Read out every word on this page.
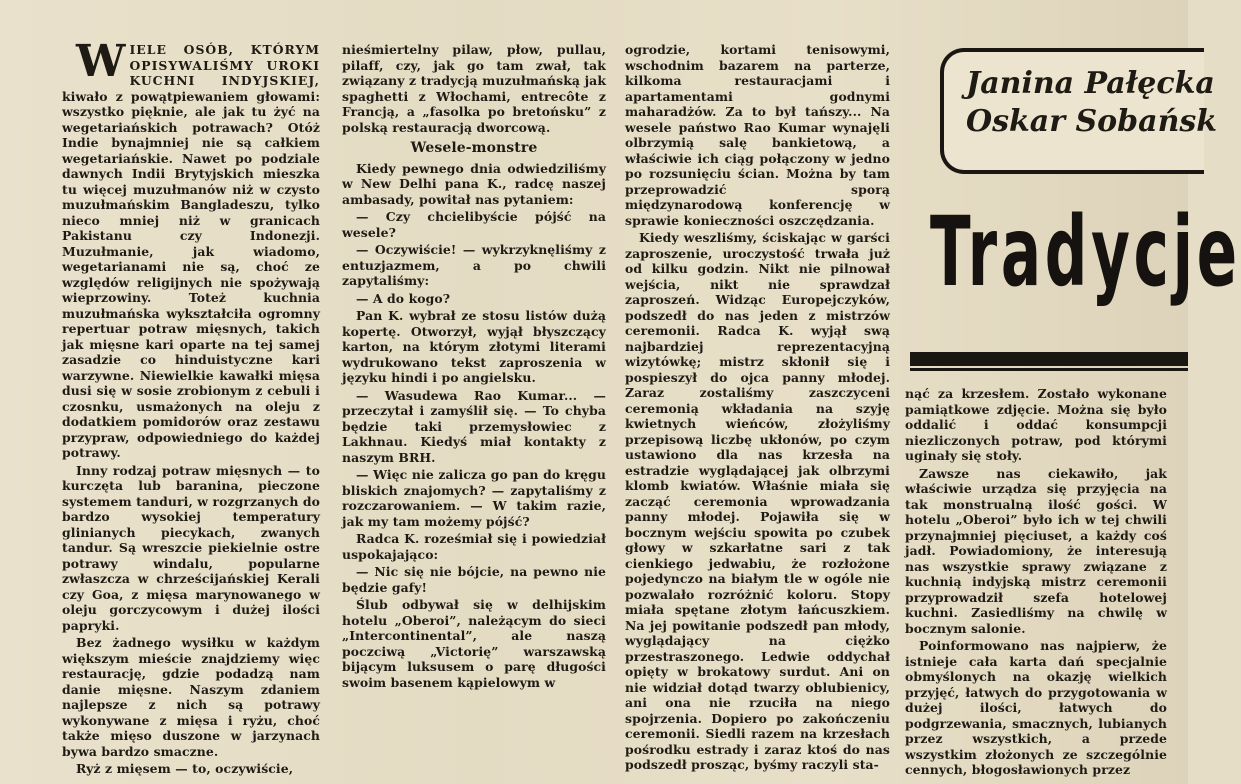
WIELE OSÓB, KTÓRYM OPISYWALIŚMY UROKI KUCHNI INDYJSKIEJ, kiwało z powątpiewaniem głowami: wszystko pięknie, ale jak tu żyć na wegetariańskich potrawach? Otóż Indie bynajmniej nie są całkiem wegetariańskie. Nawet po podziale dawnych Indii Brytyjskich mieszka tu więcej muzułmanów niż w czysto muzułmańskim Bangladeszu, tylko nieco mniej niż w granicach Pakistanu czy Indonezji. Muzułmanie, jak wiadomo, wegetarianami nie są, choć ze względów religijnych nie spożywają wieprzowiny. Toteż kuchnia muzułmańska wykształciła ogromny repertuar potraw mięsnych, takich jak mięsne kari oparte na tej samej zasadzie co hinduistyczne kari warzywne. Niewielkie kawałki mięsa dusi się w sosie zrobionym z cebuli i czosnku, usmażonych na oleju z dodatkiem pomidorów oraz zestawu przypraw, odpowiedniego do każdej potrawy.

Inny rodzaj potraw mięsnych — to kurczęta lub baranina, pieczone systemem tanduri, w rozgrzanych do bardzo wysokiej temperatury glinianych piecykach, zwanych tandur. Są wreszcie piekielnie ostre potrawy windalu, popularne zwłaszcza w chrześcijańskiej Kerali czy Goa, z mięsa marynowanego w oleju gorczycowym i dużej ilości papryki.

Bez żadnego wysiłku w każdym większym mieście znajdziemy więc restaurację, gdzie podadzą nam danie mięsne. Naszym zdaniem najlepsze z nich są potrawy wykonywane z mięsa i ryżu, choć także mięso duszone w jarzynach bywa bardzo smaczne.

Ryż z mięsem — to, oczywiście,

nieśmiertelny pilaw, płow, pullau, pilaff, czy, jak go tam zwał, tak związany z tradycją muzułmańską jak spaghetti z Włochami, entrecôte z Francją, a „fasolka po bretońsku” z polską restauracją dworcową.

Wesele-monstre

Kiedy pewnego dnia odwiedziliśmy w New Delhi pana K., radcę naszej ambasady, powitał nas pytaniem:

— Czy chcielibyście pójść na wesele?

— Oczywiście! — wykrzyknęliśmy z entuzjazmem, a po chwili zapytaliśmy:

— A do kogo?

Pan K. wybrał ze stosu listów dużą kopertę. Otworzył, wyjął błyszczący karton, na którym złotymi literami wydrukowano tekst zaproszenia w języku hindi i po angielsku.

— Wasudewa Rao Kumar... — przeczytał i zamyślił się. — To chyba będzie taki przemysłowiec z Lakhnau. Kiedyś miał kontakty z naszym BRH.

— Więc nie zalicza go pan do kręgu bliskich znajomych? — zapytaliśmy z rozczarowaniem. — W takim razie, jak my tam możemy pójść?

Radca K. roześmiał się i powiedział uspokajająco:

— Nic się nie bójcie, na pewno nie będzie gafy!

Ślub odbywał się w delhijskim hotelu „Oberoi”, należącym do sieci „Intercontinental”, ale naszą poczciwą „Victorię” warszawską bijącym luksusem o parę długości swoim basenem kąpielowym w

ogrodzie, kortami tenisowymi, wschodnim bazarem na parterze, kilkoma restauracjami i apartamentami godnymi maharadżów. Za to był tańszy... Na wesele państwo Rao Kumar wynajęli olbrzymią salę bankietową, a właściwie ich ciąg połączony w jedno po rozsunięciu ścian. Można by tam przeprowadzić sporą międzynarodową konferencję w sprawie konieczności oszczędzania.

Kiedy weszliśmy, ściskając w garści zaproszenie, uroczystość trwała już od kilku godzin. Nikt nie pilnował wejścia, nikt nie sprawdzał zaproszeń. Widząc Europejczyków, podszedł do nas jeden z mistrzów ceremonii. Radca K. wyjął swą najbardziej reprezentacyjną wizytówkę; mistrz skłonił się i pospieszył do ojca panny młodej. Zaraz zostaliśmy zaszczyceni ceremonią wkładania na szyję kwietnych wieńców, złożyliśmy przepisową liczbę ukłonów, po czym ustawiono dla nas krzesła na estradzie wyglądającej jak olbrzymi klomb kwiatów. Właśnie miała się zacząć ceremonia wprowadzania panny młodej. Pojawiła się w bocznym wejściu spowita po czubek głowy w szkarłatne sari z tak cienkiego jedwabiu, że rozłożone pojedynczo na białym tle w ogóle nie pozwalało rozróżnić koloru. Stopy miała spętane złotym łańcuszkiem. Na jej powitanie podszedł pan młody, wyglądający na ciężko przestraszonego. Ledwie oddychał opięty w brokatowy surdut. Ani on nie widział dotąd twarzy oblubienicy, ani ona nie rzuciła na niego spojrzenia. Dopiero po zakończeniu ceremonii. Siedli razem na krzesłach pośrodku estrady i zaraz ktoś do nas podszedł prosząc, byśmy raczyli sta-

Janina Pałęcka
Oskar Sobańsk
Tradycje

nąć za krzesłem. Zostało wykonane pamiątkowe zdjęcie. Można się było oddalić i oddać konsumpcji niezliczonych potraw, pod którymi uginały się stoły.

Zawsze nas ciekawiło, jak właściwie urządza się przyjęcia na tak monstrualną ilość gości. W hotelu „Oberoi” było ich w tej chwili przynajmniej pięciuset, a każdy coś jadł. Powiadomiony, że interesują nas wszystkie sprawy związane z kuchnią indyjską mistrz ceremonii przyprowadził szefa hotelowej kuchni. Zasiedliśmy na chwilę w bocznym salonie.

Poinformowano nas najpierw, że istnieje cała karta dań specjalnie obmyślonych na okazję wielkich przyjęć, łatwych do przygotowania w dużej ilości, łatwych do podgrzewania, smacznych, lubianych przez wszystkich, a przede wszystkim złożonych ze szczególnie cennych, błogosławionych przez
